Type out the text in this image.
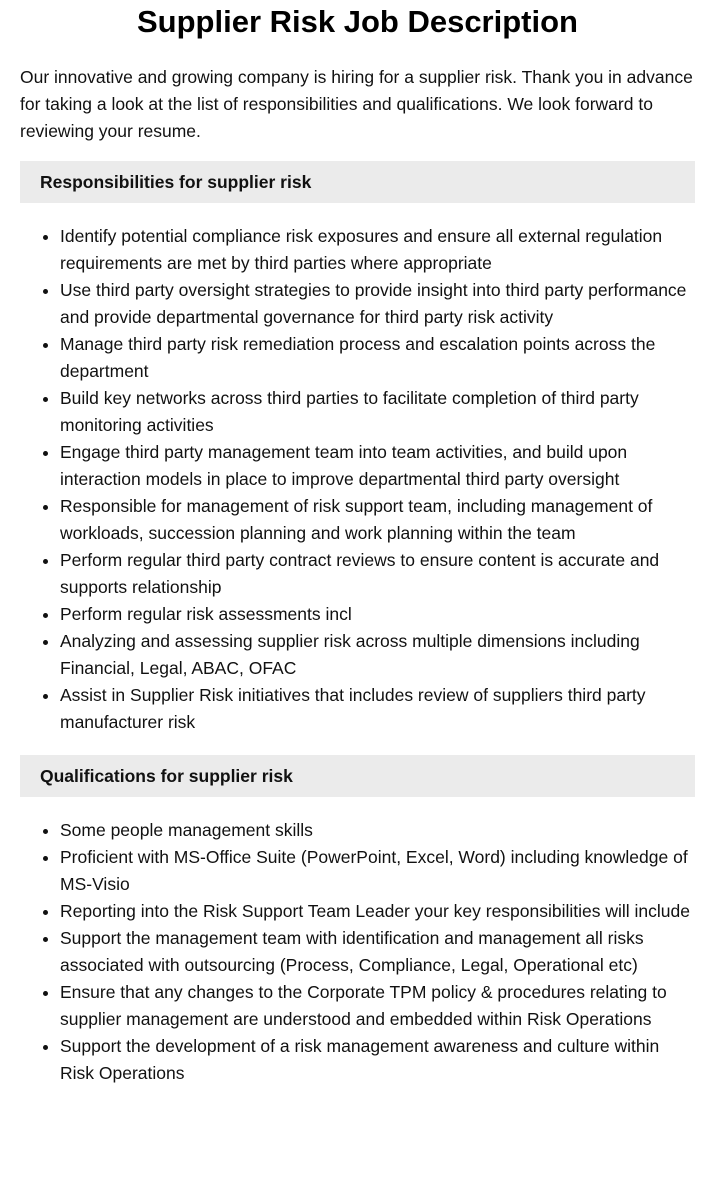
Supplier Risk Job Description

Our innovative and growing company is hiring for a supplier risk. Thank you in advance for taking a look at the list of responsibilities and qualifications. We look forward to reviewing your resume.

Responsibilities for supplier risk
• Identify potential compliance risk exposures and ensure all external regulation requirements are met by third parties where appropriate
• Use third party oversight strategies to provide insight into third party performance and provide departmental governance for third party risk activity
• Manage third party risk remediation process and escalation points across the department
• Build key networks across third parties to facilitate completion of third party monitoring activities
• Engage third party management team into team activities, and build upon interaction models in place to improve departmental third party oversight
• Responsible for management of risk support team, including management of workloads, succession planning and work planning within the team
• Perform regular third party contract reviews to ensure content is accurate and supports relationship
• Perform regular risk assessments incl
• Analyzing and assessing supplier risk across multiple dimensions including Financial, Legal, ABAC, OFAC
• Assist in Supplier Risk initiatives that includes review of suppliers third party manufacturer risk
Qualifications for supplier risk
• Some people management skills
• Proficient with MS-Office Suite (PowerPoint, Excel, Word) including knowledge of MS-Visio
• Reporting into the Risk Support Team Leader your key responsibilities will include
• Support the management team with identification and management all risks associated with outsourcing (Process, Compliance, Legal, Operational etc)
• Ensure that any changes to the Corporate TPM policy & procedures relating to supplier management are understood and embedded within Risk Operations
• Support the development of a risk management awareness and culture within Risk Operations
